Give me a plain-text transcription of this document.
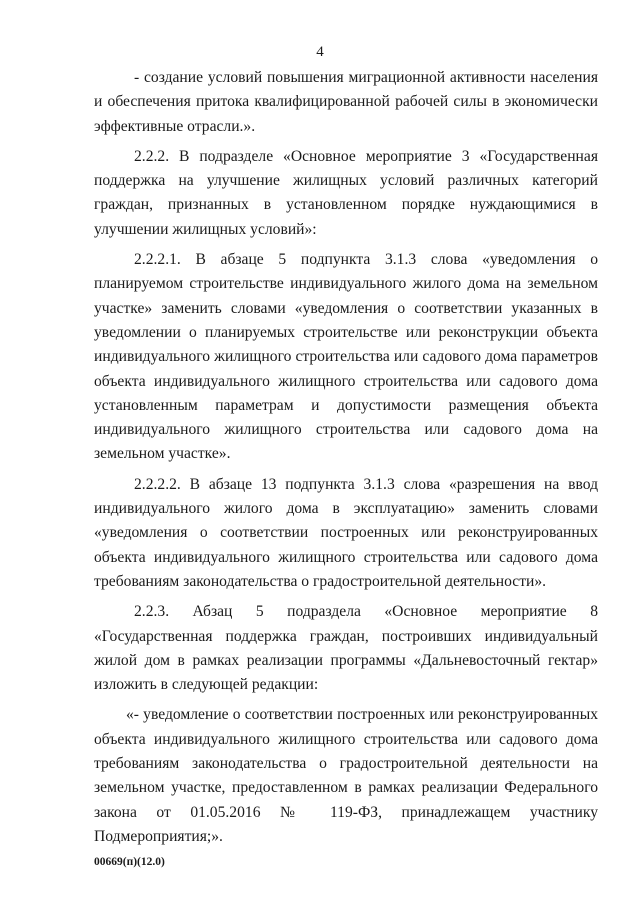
4

- создание условий повышения миграционной активности населения и обеспечения притока квалифицированной рабочей силы в экономически эффективные отрасли.».

2.2.2. В подразделе «Основное мероприятие 3 «Государственная поддержка на улучшение жилищных условий различных категорий граждан, признанных в установленном порядке нуждающимися в улучшении жилищных условий»:

2.2.2.1. В абзаце 5 подпункта 3.1.3 слова «уведомления о планируемом строительстве индивидуального жилого дома на земельном участке» заменить словами «уведомления о соответствии указанных в уведомлении о планируемых строительстве или реконструкции объекта индивидуального жилищного строительства или садового дома параметров объекта индивидуального жилищного строительства или садового дома установленным параметрам и допустимости размещения объекта индивидуального жилищного строительства или садового дома на земельном участке».

2.2.2.2. В абзаце 13 подпункта 3.1.3 слова «разрешения на ввод индивидуального жилого дома в эксплуатацию» заменить словами «уведомления о соответствии построенных или реконструированных объекта индивидуального жилищного строительства или садового дома требованиям законодательства о градостроительной деятельности».

2.2.3. Абзац 5 подраздела «Основное мероприятие 8 «Государственная поддержка граждан, построивших индивидуальный жилой дом в рамках реализации программы «Дальневосточный гектар» изложить в следующей редакции:

«- уведомление о соответствии построенных или реконструированных объекта индивидуального жилищного строительства или садового дома требованиям законодательства о градостроительной деятельности на земельном участке, предоставленном в рамках реализации Федерального закона от 01.05.2016 № 119-ФЗ, принадлежащем участнику Подмероприятия;».

00669(п)(12.0)
